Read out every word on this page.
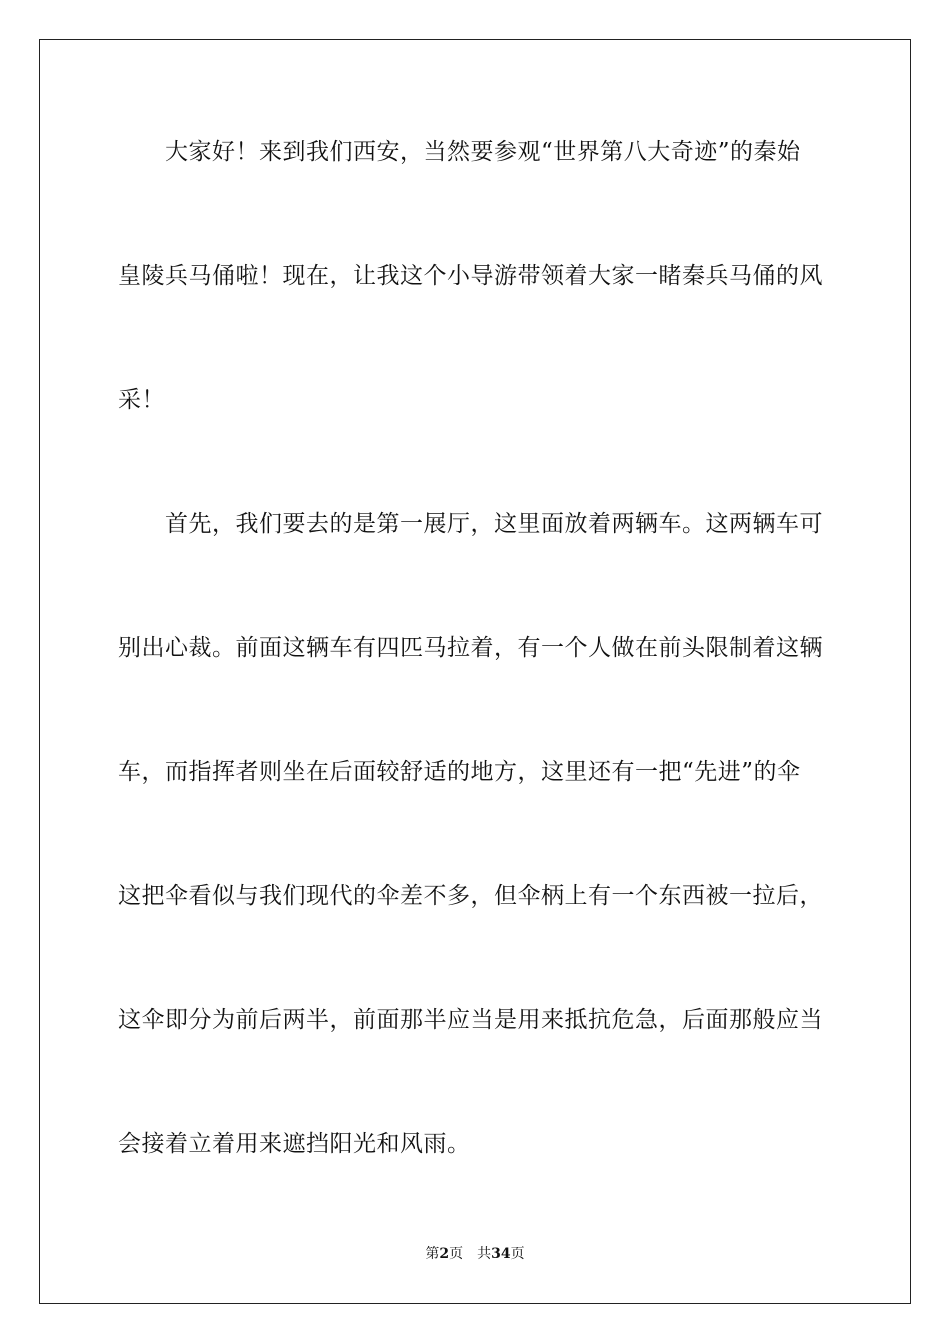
　　大家好！来到我们西安，当然要参观“世界第八大奇迹”的秦始
皇陵兵马俑啦！现在，让我这个小导游带领着大家一睹秦兵马俑的风
采！
　　首先，我们要去的是第一展厅，这里面放着两辆车。这两辆车可
别出心裁。前面这辆车有四匹马拉着，有一个人做在前头限制着这辆
车，而指挥者则坐在后面较舒适的地方，这里还有一把“先进”的伞
这把伞看似与我们现代的伞差不多，但伞柄上有一个东西被一拉后，
这伞即分为前后两半，前面那半应当是用来抵抗危急，后面那般应当
会接着立着用来遮挡阳光和风雨。
第2页 共34页
